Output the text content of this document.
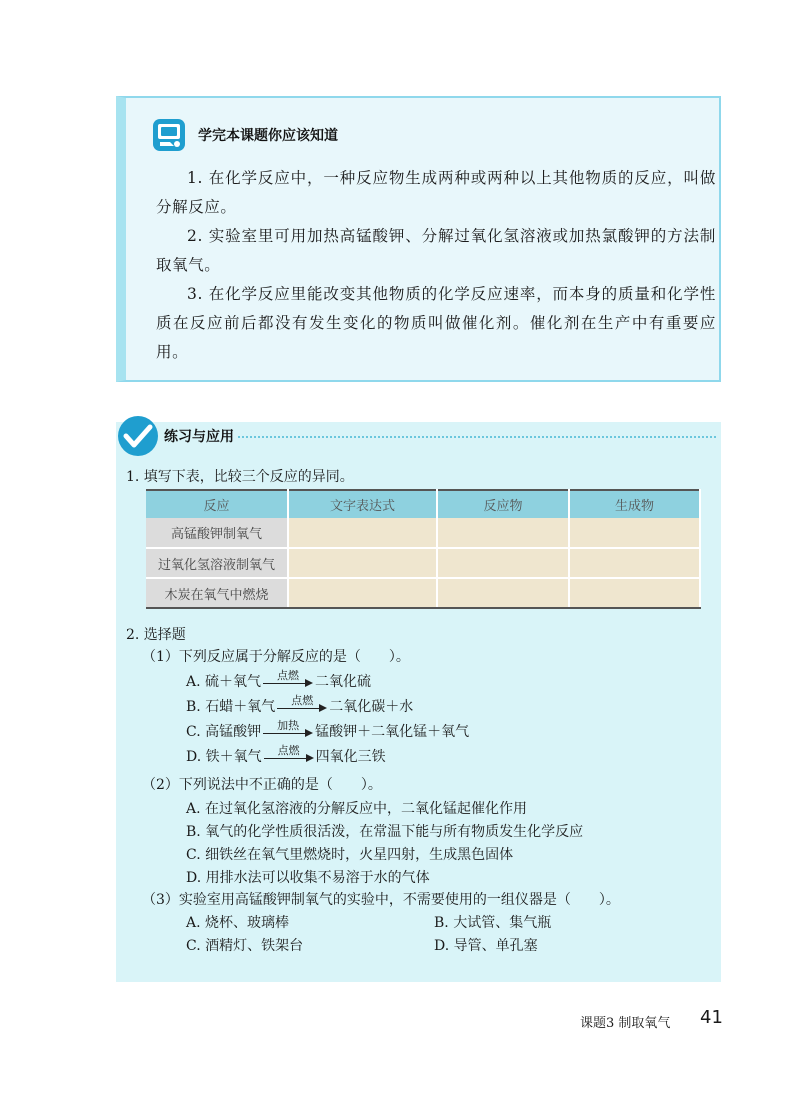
学完本课题你应该知道

1. 在化学反应中，一种反应物生成两种或两种以上其他物质的反应，叫做分解反应。

2. 实验室里可用加热高锰酸钾、分解过氧化氢溶液或加热氯酸钾的方法制取氧气。

3. 在化学反应里能改变其他物质的化学反应速率，而本身的质量和化学性质在反应前后都没有发生变化的物质叫做催化剂。催化剂在生产中有重要应用。

练习与应用
1. 填写下表，比较三个反应的异同。
反应	文字表达式	反应物	生成物
高锰酸钾制氧气			
过氧化氢溶液制氧气			
木炭在氧气中燃烧			
2. 选择题
（1）下列反应属于分解反应的是（　　）。
A. 硫＋氧气	点燃	二氧化硫
B. 石蜡＋氧气	点燃	二氧化碳＋水
C. 高锰酸钾	加热	锰酸钾＋二氧化锰＋氧气
D. 铁＋氧气	点燃	四氧化三铁
（2）下列说法中不正确的是（　　）。
A. 在过氧化氢溶液的分解反应中，二氧化锰起催化作用
B. 氧气的化学性质很活泼，在常温下能与所有物质发生化学反应
C. 细铁丝在氧气里燃烧时，火星四射，生成黑色固体
D. 用排水法可以收集不易溶于水的气体
（3）实验室用高锰酸钾制氧气的实验中，不需要使用的一组仪器是（　　）。
A. 烧杯、玻璃棒	B. 大试管、集气瓶
C. 酒精灯、铁架台	D. 导管、单孔塞
课题3 制取氧气 41
